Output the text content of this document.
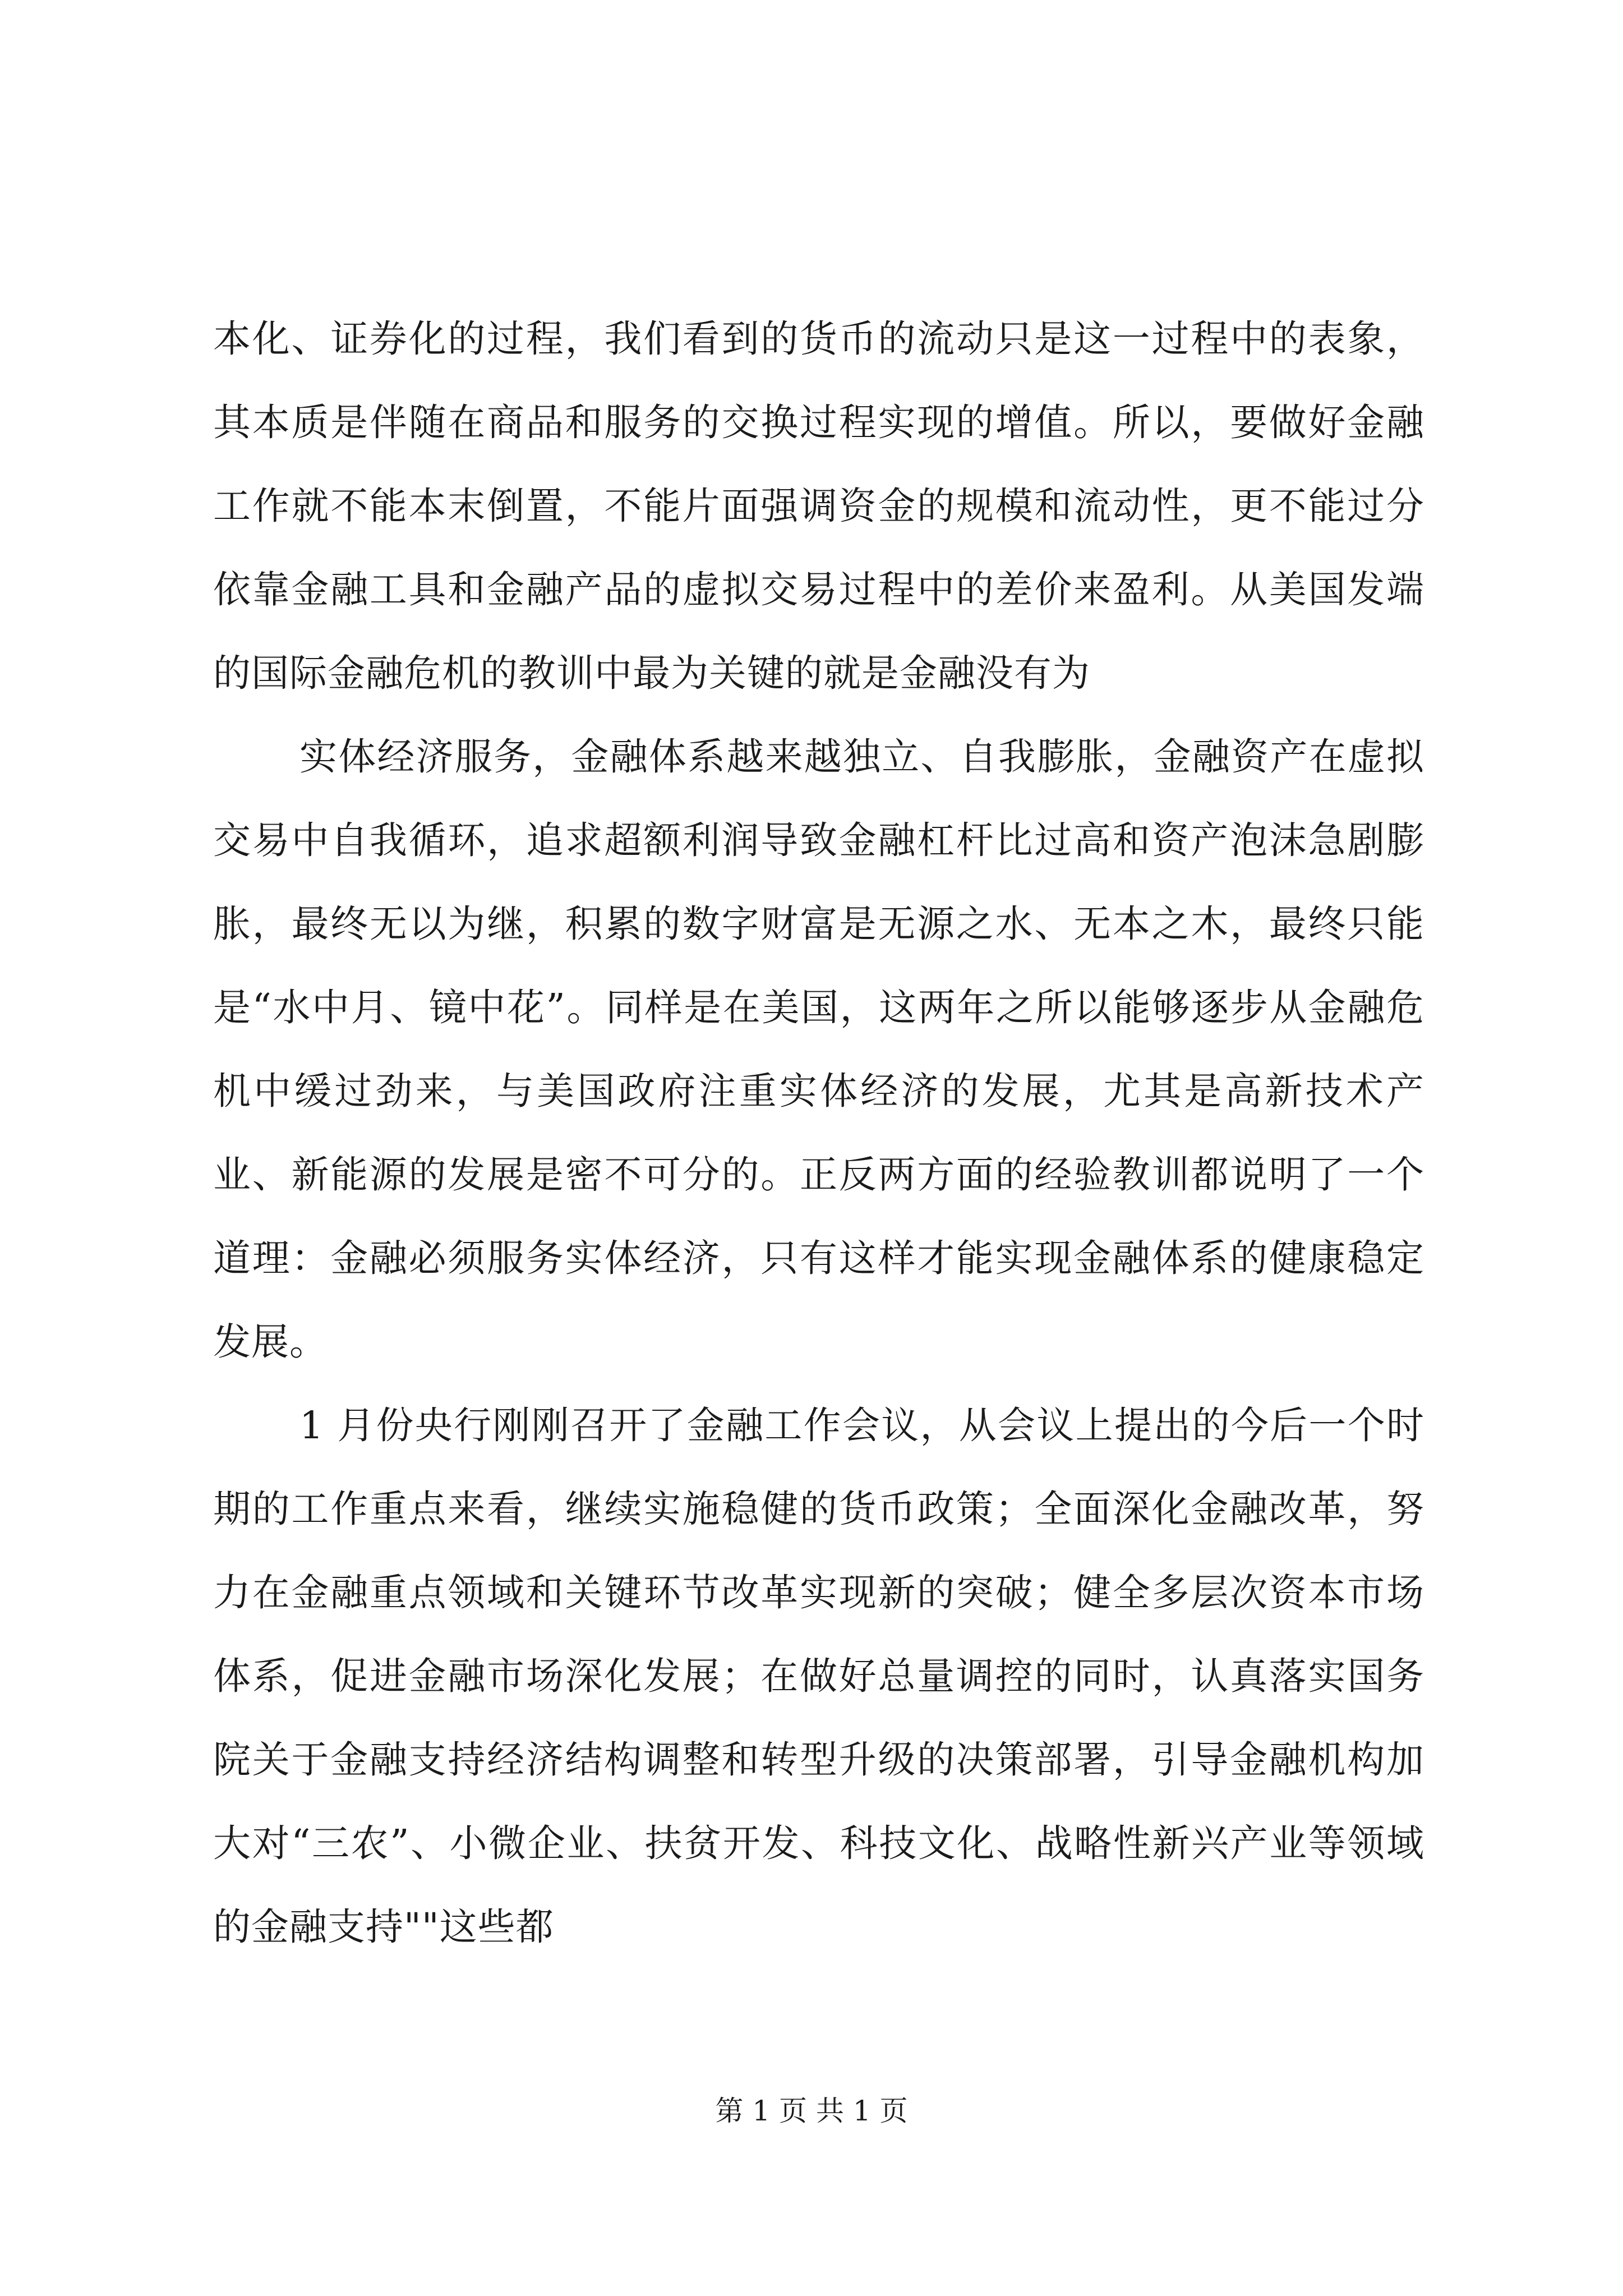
本化、证券化的过程，我们看到的货币的流动只是这一过程中的表象，其本质是伴随在商品和服务的交换过程实现的增值。所以，要做好金融工作就不能本末倒置，不能片面强调资金的规模和流动性，更不能过分依靠金融工具和金融产品的虚拟交易过程中的差价来盈利。从美国发端的国际金融危机的教训中最为关键的就是金融没有为

实体经济服务，金融体系越来越独立、自我膨胀，金融资产在虚拟交易中自我循环，追求超额利润导致金融杠杆比过高和资产泡沫急剧膨胀，最终无以为继，积累的数字财富是无源之水、无本之木，最终只能是“水中月、镜中花”。同样是在美国，这两年之所以能够逐步从金融危机中缓过劲来，与美国政府注重实体经济的发展，尤其是高新技术产业、新能源的发展是密不可分的。正反两方面的经验教训都说明了一个道理：金融必须服务实体经济，只有这样才能实现金融体系的健康稳定发展。

1 月份央行刚刚召开了金融工作会议，从会议上提出的今后一个时期的工作重点来看，继续实施稳健的货币政策；全面深化金融改革，努力在金融重点领域和关键环节改革实现新的突破；健全多层次资本市场体系，促进金融市场深化发展；在做好总量调控的同时，认真落实国务院关于金融支持经济结构调整和转型升级的决策部署，引导金融机构加大对“三农”、小微企业、扶贫开发、科技文化、战略性新兴产业等领域的金融支持""这些都

第 1 页 共 1 页
